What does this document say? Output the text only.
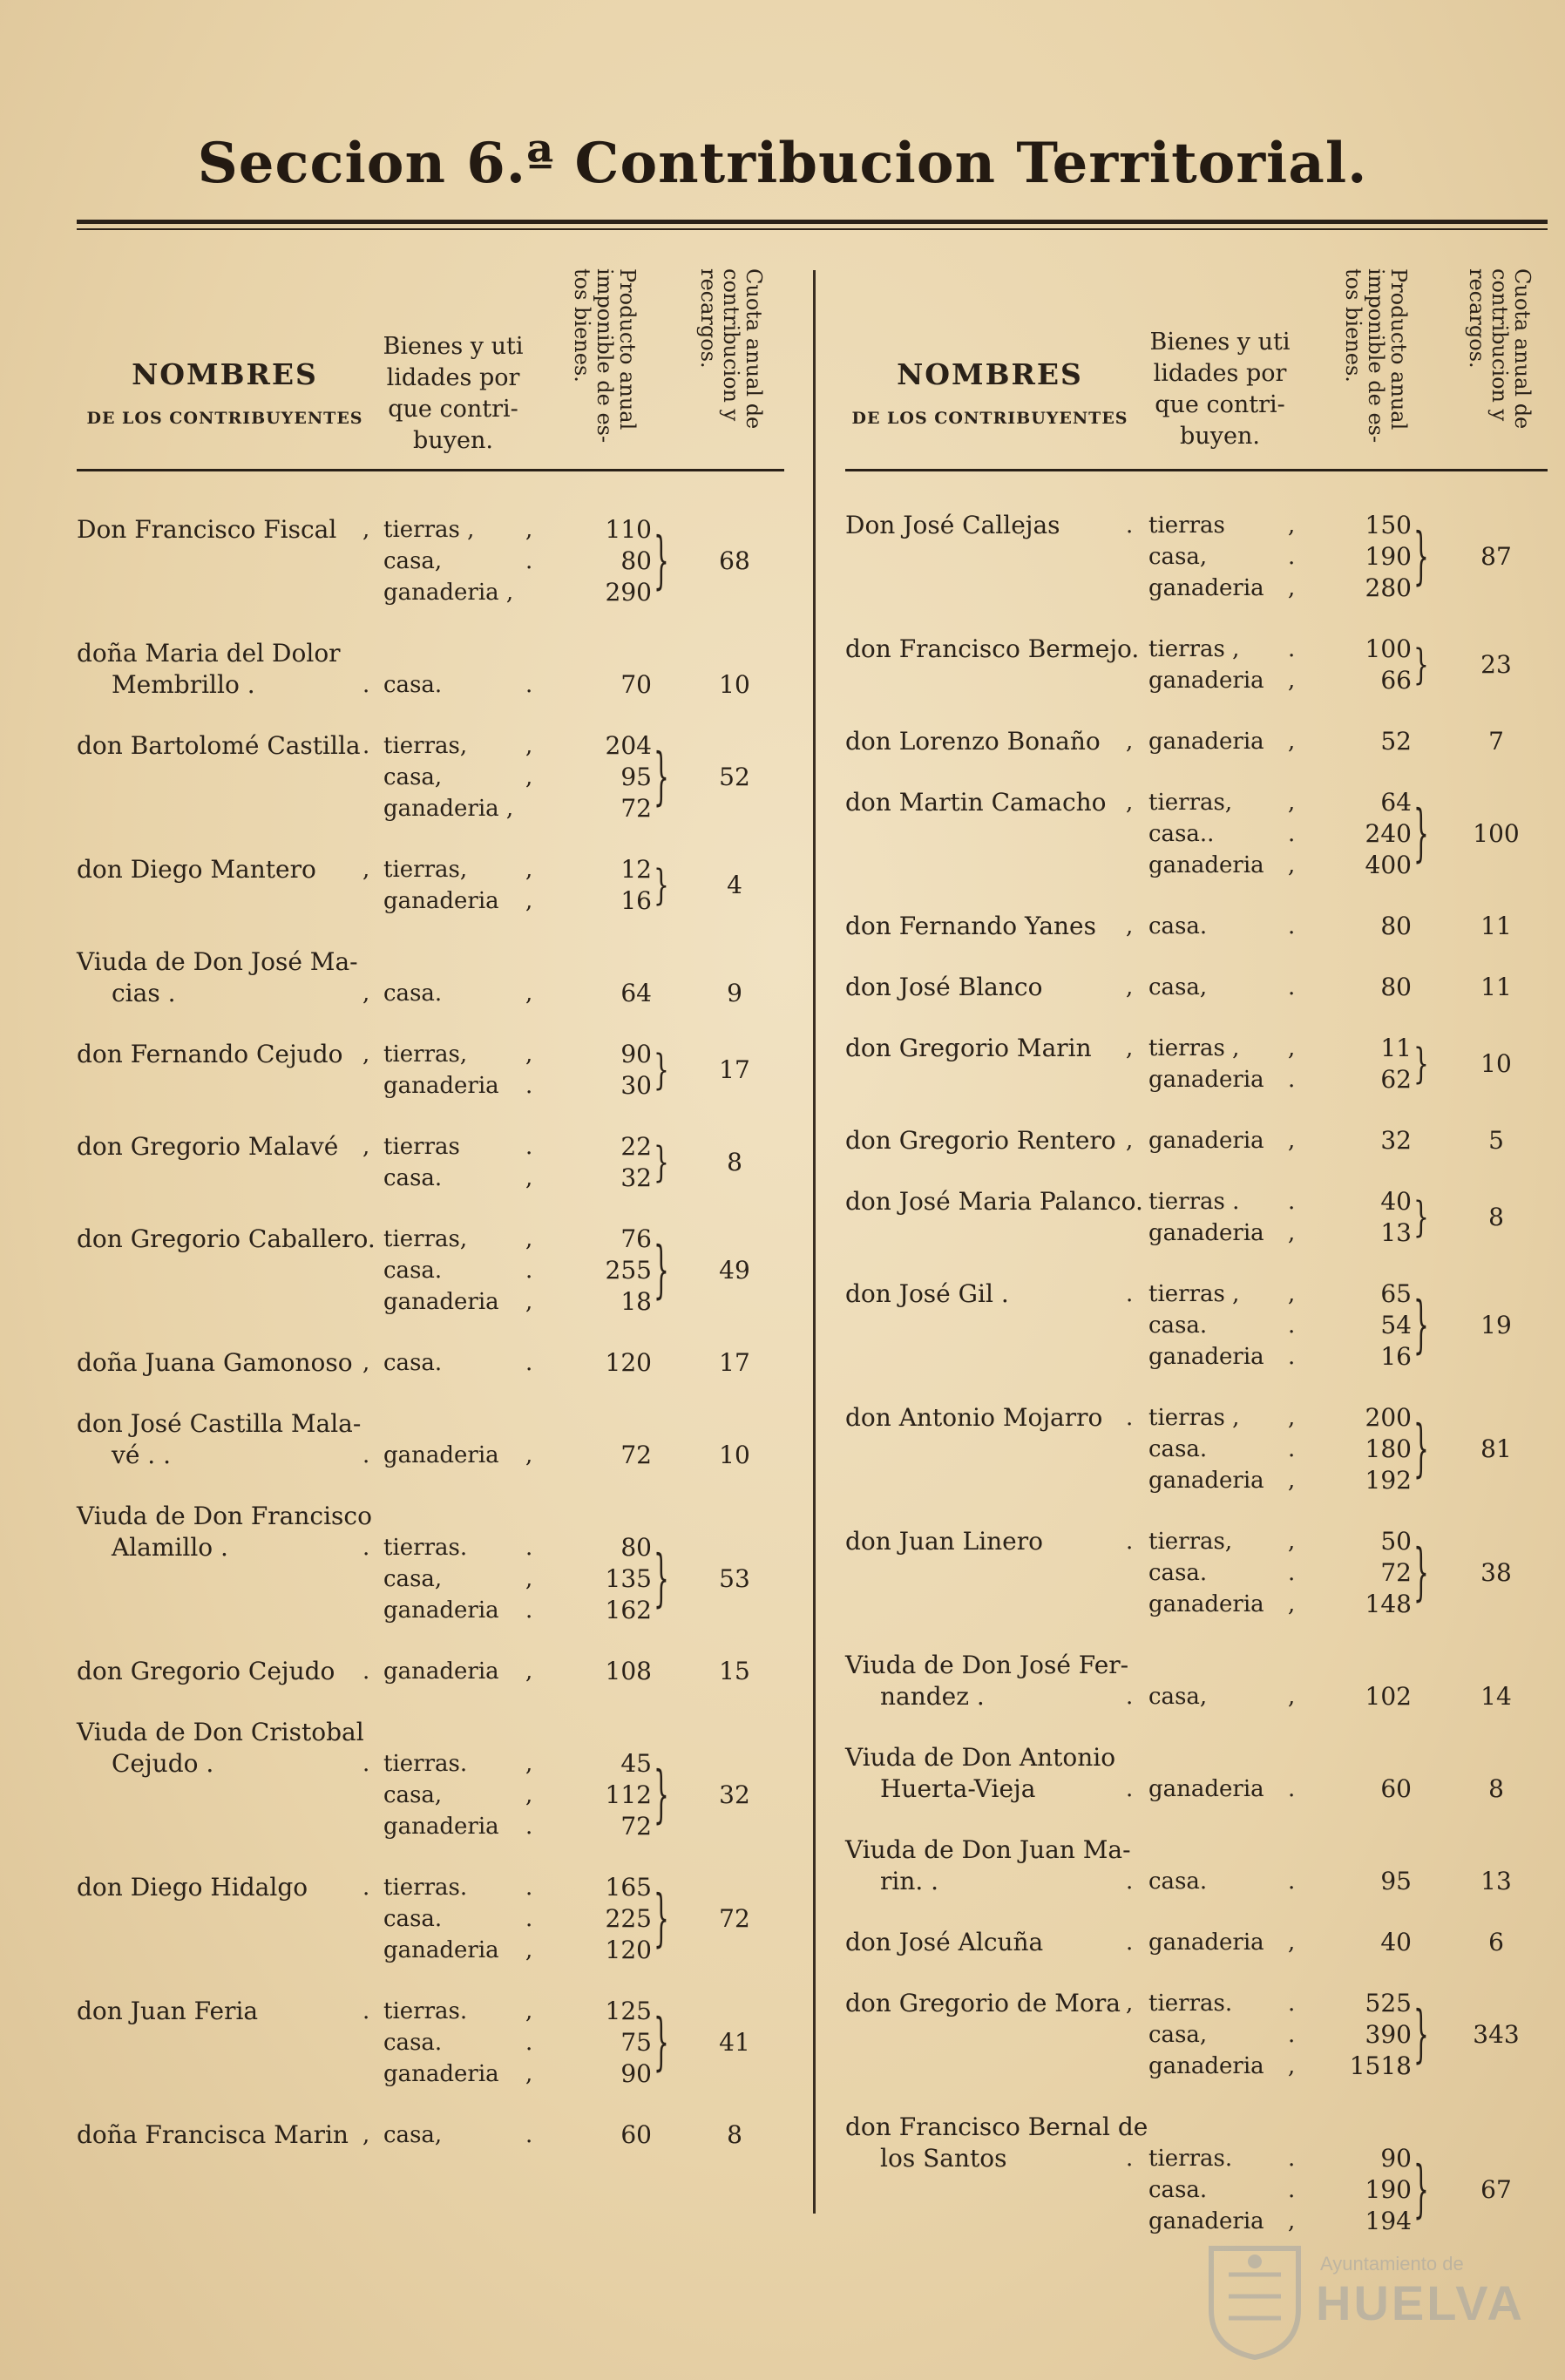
Seccion 6.ª Contribucion Territorial.
NOMBRES
DE LOS CONTRIBUYENTES
Bienes y uti
lidades por
que contri-
buyen.
Producto anual
imponible de es-
tos bienes.	Cuota anual de
contribucion y
recargos.
NOMBRES
DE LOS CONTRIBUYENTES
Bienes y uti
lidades por
que contri-
buyen.
Producto anual
imponible de es-
tos bienes.	Cuota anual de
contribucion y
recargos.
Don Francisco Fiscal	, tierras , ,	110
casa,	.	80
ganaderia ,	290 }	68
doña Maria del Dolor
Membrillo .	. casa.	.	70	10
don Bartolomé Castilla . tierras,	,	204
casa,	,	95
ganaderia ,	72 }	52
don Diego Mantero	, tierras,	,	12
ganaderia ,	16 }	4
Viuda de Don José Ma-
cias .	, casa.	,	64	9
don Fernando Cejudo , tierras,	,	90
ganaderia .	30 }	17
don Gregorio Malavé	, tierras	.	22
casa.	,	32 }	8
don Gregorio Caballero. tierras,	,	76
casa.	.	255
ganaderia ,	18 }	49
doña Juana Gamonoso , casa.	.	120	17
don José Castilla Mala-
vé . .	. ganaderia ,	72	10
Viuda de Don Francisco
Alamillo .	. tierras.	.	80
casa,	,	135
ganaderia .	162 }	53
don Gregorio Cejudo	. ganaderia ,	108	15
Viuda de Don Cristobal
Cejudo .	. tierras.	,	45
casa,	,	112
ganaderia .	72 }	32
don Diego Hidalgo	. tierras.	.	165
casa.	.	225
ganaderia ,	120 }	72
don Juan Feria	. tierras.	,	125
casa.	.	75
ganaderia ,	90 }	41
doña Francisca Marin , casa,	.	60	8
Don José Callejas	. tierras	,	150
casa,	.	190
ganaderia ,	280 }	87
don Francisco Bermejo. tierras , .	100
ganaderia ,	66 }	23
don Lorenzo Bonaño	, ganaderia ,	52	7
don Martin Camacho , tierras, ,	64
casa..	.	240
ganaderia ,	400 } 100
don Fernando Yanes	, casa.	.	80	11
don José Blanco	, casa,	.	80	11
don Gregorio Marin	, tierras , ,	11
ganaderia .	62 }	10
don Gregorio Rentero , ganaderia ,	32	5
don José Maria Palanco. tierras . .	40
ganaderia ,	13 }	8
don José Gil .	. tierras , ,	65
casa.	.	54
ganaderia .	16 }	19
don Antonio Mojarro	. tierras , ,	200
casa.	.	180
ganaderia ,	192 }	81
don Juan Linero	. tierras, ,	50
casa.	.	72
ganaderia ,	148 }	38
Viuda de Don José Fer-
nandez .	. casa,	,	102	14
Viuda de Don Antonio
Huerta-Vieja	. ganaderia .	60	8
Viuda de Don Juan Ma-
rin. .	. casa.	.	95	13
don José Alcuña	. ganaderia ,	40	6
don Gregorio de Mora , tierras. .	525
casa,	.	390
ganaderia ,	1518 } 343
don Francisco Bernal de
los Santos	. tierras. .	90
casa.	.	190
ganaderia ,	194 }	67
Ayuntamiento de
HUELVA
